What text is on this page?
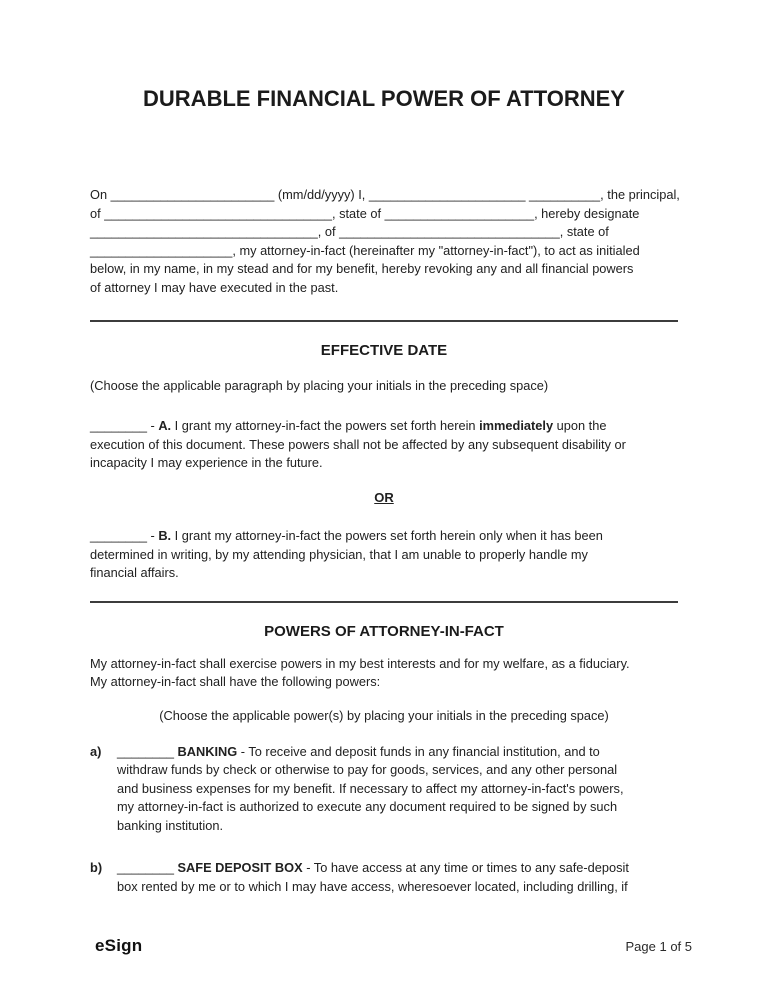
DURABLE FINANCIAL POWER OF ATTORNEY
On _______________________ (mm/dd/yyyy) I, ______________________ __________, the principal,
of ________________________________, state of _____________________, hereby designate
________________________________, of _______________________________, state of
____________________, my attorney-in-fact (hereinafter my "attorney-in-fact"), to act as initialed
below, in my name, in my stead and for my benefit, hereby revoking any and all financial powers
of attorney I may have executed in the past.
EFFECTIVE DATE
(Choose the applicable paragraph by placing your initials in the preceding space)
________ - A. I grant my attorney-in-fact the powers set forth herein immediately upon the
execution of this document. These powers shall not be affected by any subsequent disability or
incapacity I may experience in the future.
OR
________ - B. I grant my attorney-in-fact the powers set forth herein only when it has been
determined in writing, by my attending physician, that I am unable to properly handle my
financial affairs.
POWERS OF ATTORNEY-IN-FACT
My attorney-in-fact shall exercise powers in my best interests and for my welfare, as a fiduciary.
My attorney-in-fact shall have the following powers:
(Choose the applicable power(s) by placing your initials in the preceding space)
a)	________ BANKING - To receive and deposit funds in any financial institution, and to
withdraw funds by check or otherwise to pay for goods, services, and any other personal
and business expenses for my benefit. If necessary to affect my attorney-in-fact's powers,
my attorney-in-fact is authorized to execute any document required to be signed by such
banking institution.
b)	________ SAFE DEPOSIT BOX - To have access at any time or times to any safe-deposit
box rented by me or to which I may have access, wheresoever located, including drilling, if
eSign	Page 1 of 5
